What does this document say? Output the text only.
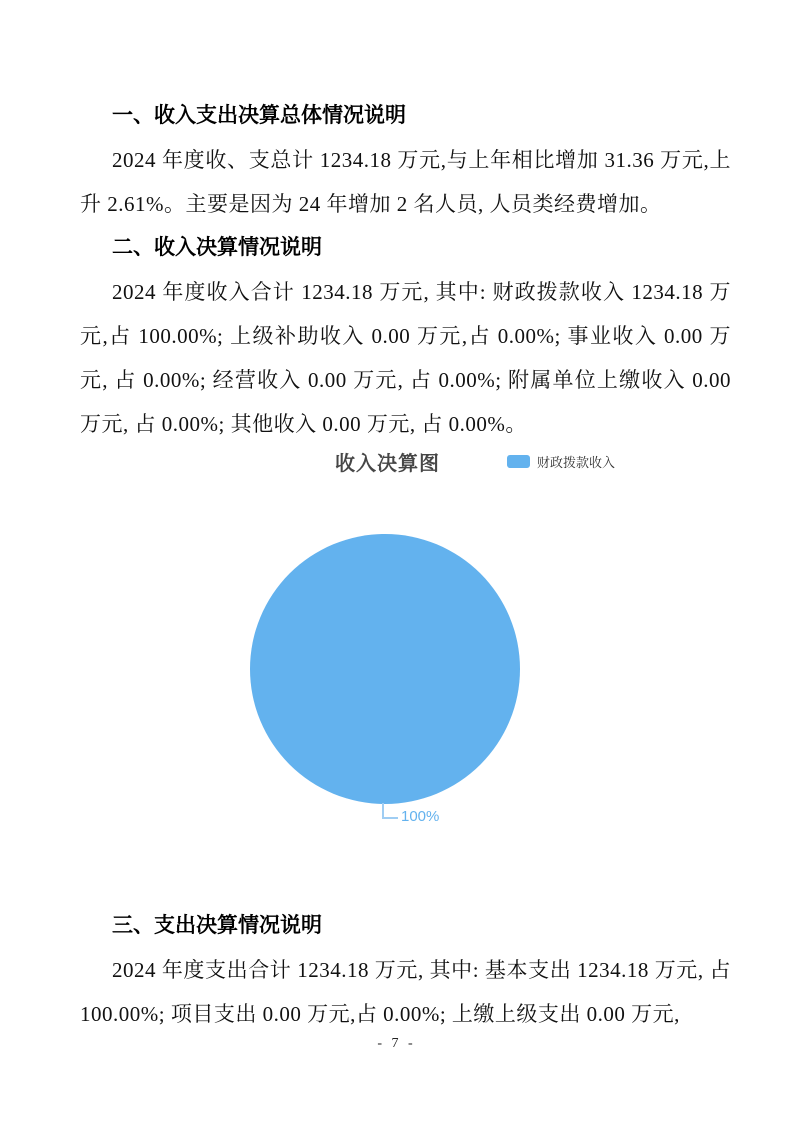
一、收入支出决算总体情况说明

2024 年度收、支总计 1234.18 万元,与上年相比增加 31.36 万元,上升 2.61%。主要是因为 24 年增加 2 名人员, 人员类经费增加。

二、收入决算情况说明

2024 年度收入合计 1234.18 万元, 其中: 财政拨款收入 1234.18 万元,占 100.00%; 上级补助收入 0.00 万元,占 0.00%; 事业收入 0.00 万元, 占 0.00%; 经营收入 0.00 万元, 占 0.00%; 附属单位上缴收入 0.00 万元, 占 0.00%; 其他收入 0.00 万元, 占 0.00%。

收入决算图	财政拨款收入
100%
三、支出决算情况说明

2024 年度支出合计 1234.18 万元, 其中: 基本支出 1234.18 万元, 占 100.00%; 项目支出 0.00 万元,占 0.00%; 上缴上级支出 0.00 万元,

- 7 -
